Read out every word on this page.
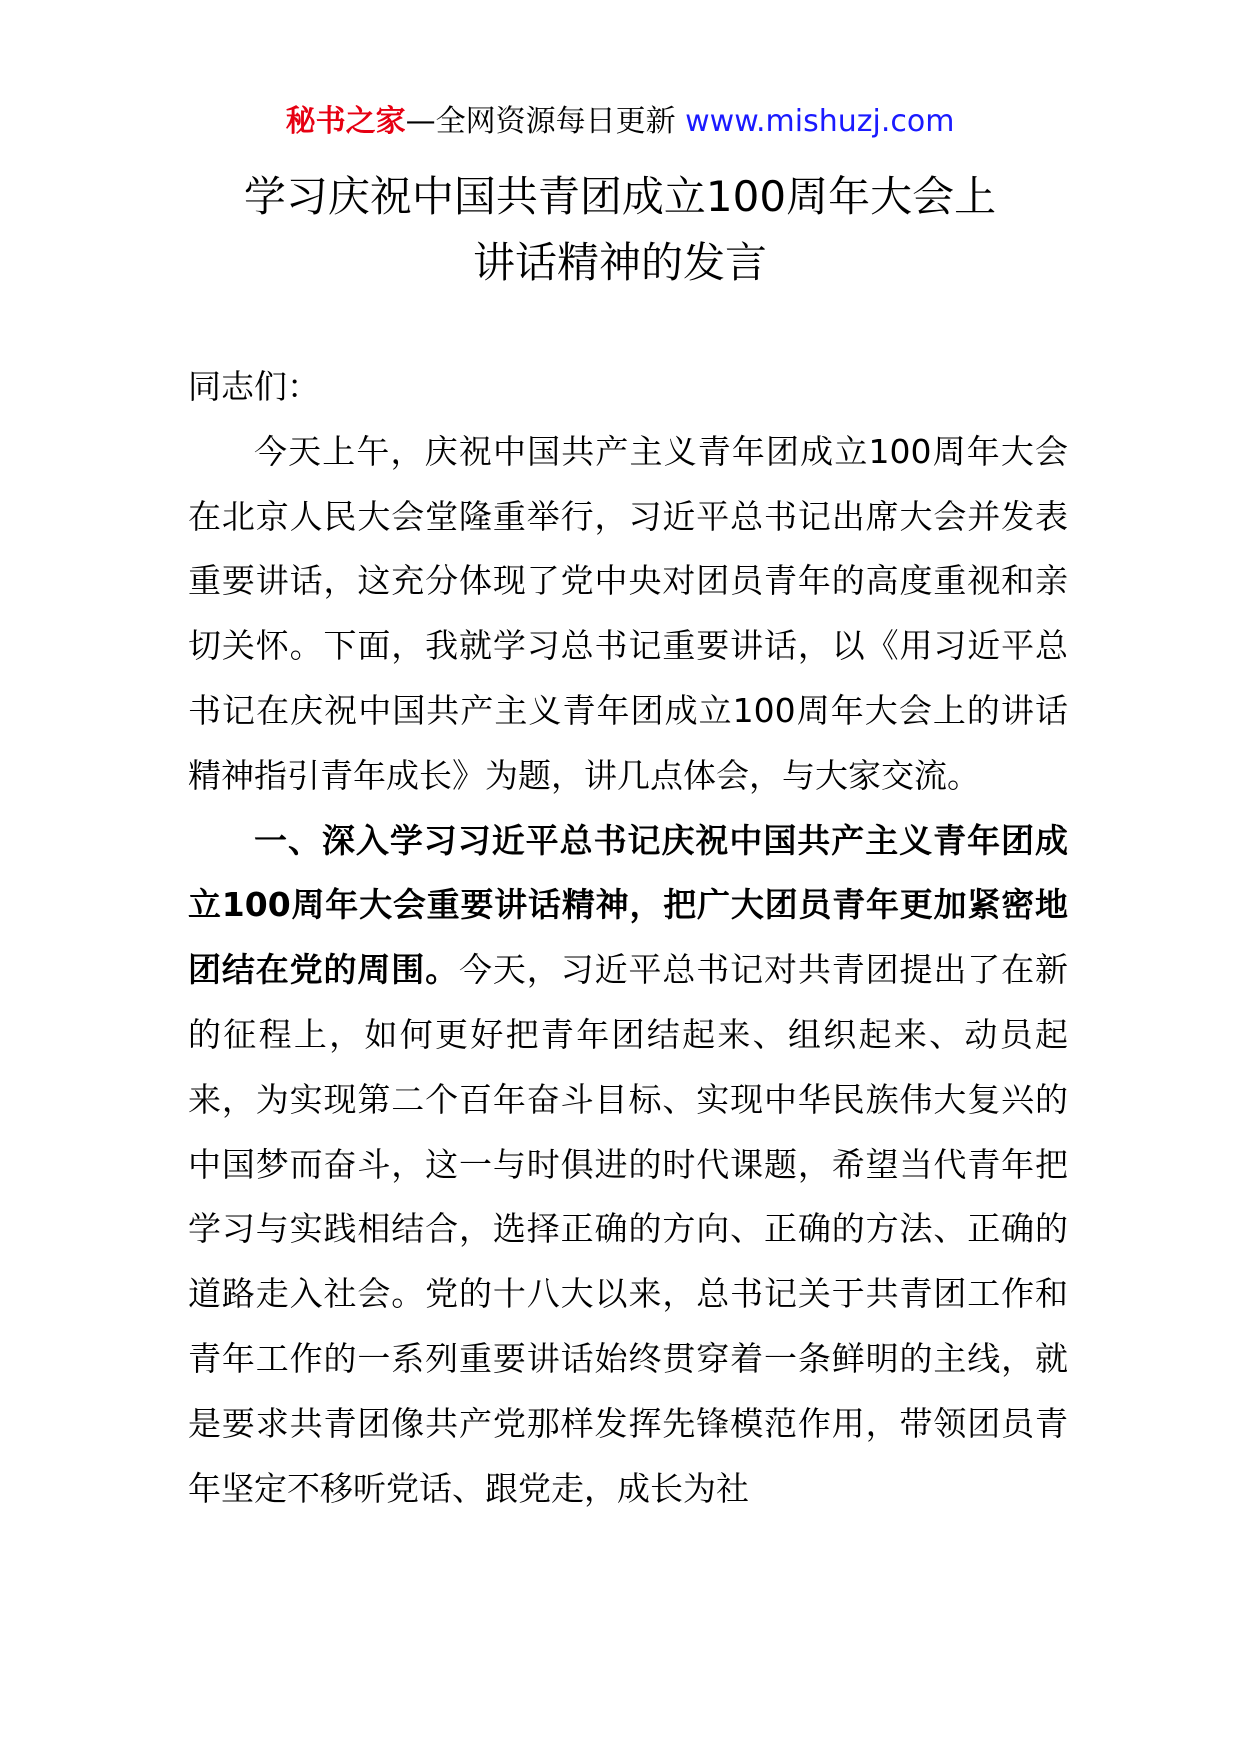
秘书之家—全网资源每日更新 www.mishuzj.com
学习庆祝中国共青团成立100周年大会上
讲话精神的发言

同志们：

今天上午，庆祝中国共产主义青年团成立100周年大会在北京人民大会堂隆重举行，习近平总书记出席大会并发表重要讲话，这充分体现了党中央对团员青年的高度重视和亲切关怀。下面，我就学习总书记重要讲话，以《用习近平总书记在庆祝中国共产主义青年团成立100周年大会上的讲话精神指引青年成长》为题，讲几点体会，与大家交流。

一、深入学习习近平总书记庆祝中国共产主义青年团成立100周年大会重要讲话精神，把广大团员青年更加紧密地团结在党的周围。今天，习近平总书记对共青团提出了在新的征程上，如何更好把青年团结起来、组织起来、动员起来，为实现第二个百年奋斗目标、实现中华民族伟大复兴的中国梦而奋斗，这一与时俱进的时代课题，希望当代青年把学习与实践相结合，选择正确的方向、正确的方法、正确的道路走入社会。党的十八大以来，总书记关于共青团工作和青年工作的一系列重要讲话始终贯穿着一条鲜明的主线，就是要求共青团像共产党那样发挥先锋模范作用，带领团员青年坚定不移听党话、跟党走，成长为社
